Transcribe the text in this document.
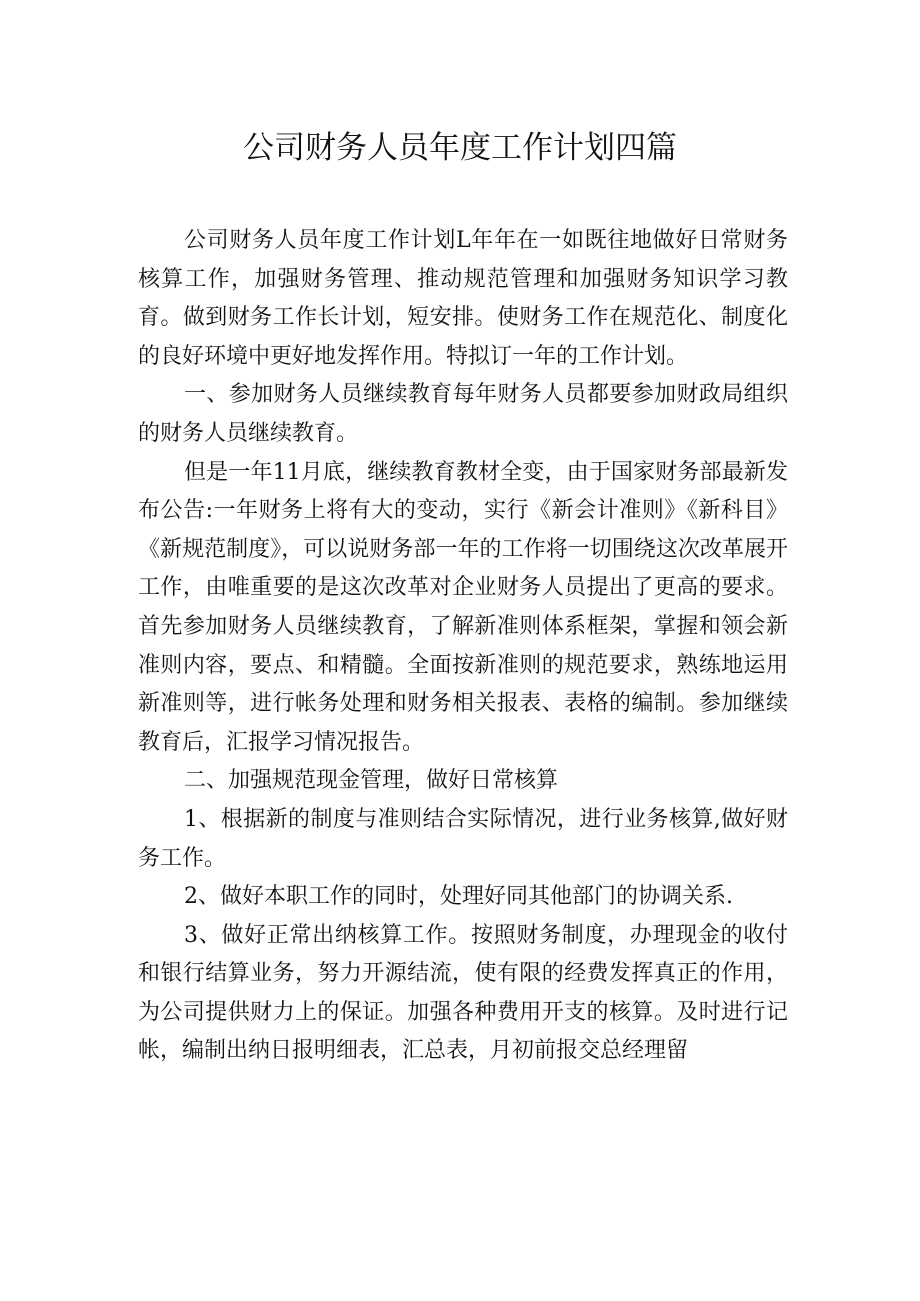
公司财务人员年度工作计划四篇

公司财务人员年度工作计划L年年在一如既往地做好日常财务核算工作，加强财务管理、推动规范管理和加强财务知识学习教育。做到财务工作长计划，短安排。使财务工作在规范化、制度化的良好环境中更好地发挥作用。特拟订一年的工作计划。

一、参加财务人员继续教育每年财务人员都要参加财政局组织的财务人员继续教育。

但是一年11月底，继续教育教材全变，由于国家财务部最新发布公告:一年财务上将有大的变动，实行《新会计准则》《新科目》《新规范制度》，可以说财务部一年的工作将一切围绕这次改革展开工作，由唯重要的是这次改革对企业财务人员提出了更高的要求。首先参加财务人员继续教育，了解新准则体系框架，掌握和领会新准则内容，要点、和精髓。全面按新准则的规范要求，熟练地运用新准则等，进行帐务处理和财务相关报表、表格的编制。参加继续教育后，汇报学习情况报告。

二、加强规范现金管理，做好日常核算

1、根据新的制度与准则结合实际情况，进行业务核算,做好财务工作。

2、做好本职工作的同时，处理好同其他部门的协调关系.

3、做好正常出纳核算工作。按照财务制度，办理现金的收付和银行结算业务，努力开源结流，使有限的经费发挥真正的作用，为公司提供财力上的保证。加强各种费用开支的核算。及时进行记帐，编制出纳日报明细表，汇总表，月初前报交总经理留
